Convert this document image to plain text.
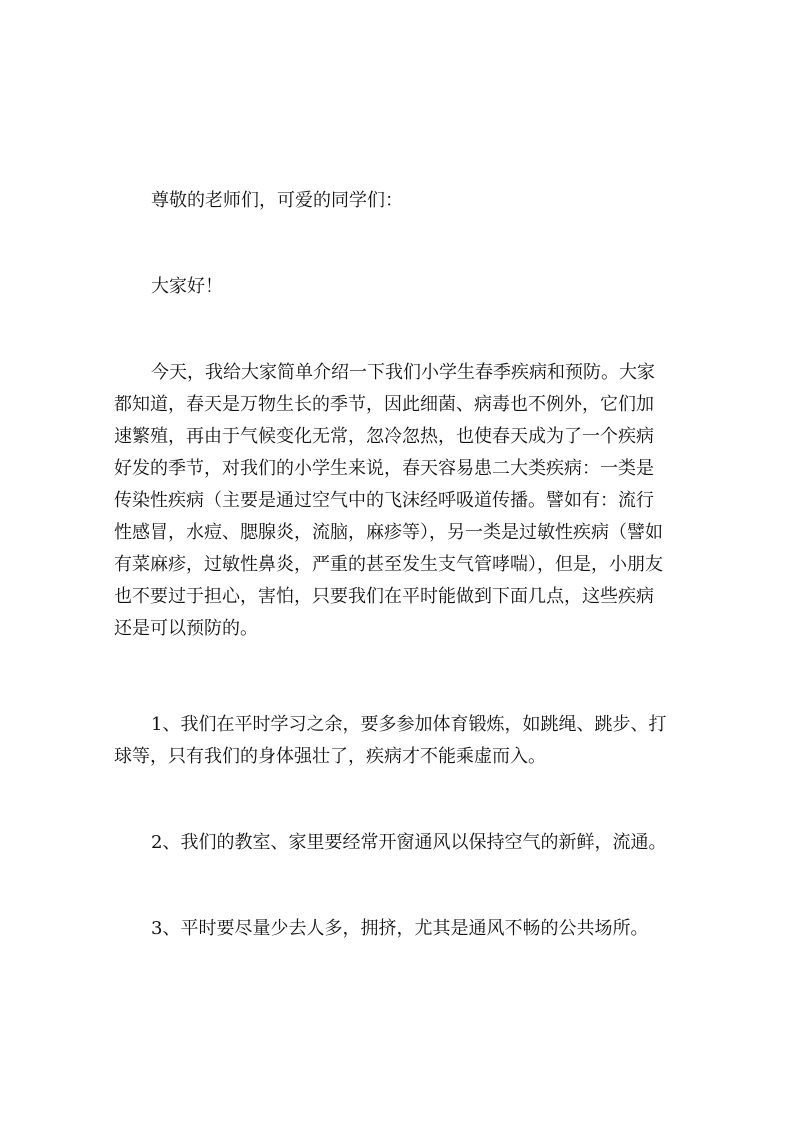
尊敬的老师们，可爱的同学们：

大家好！

今天，我给大家简单介绍一下我们小学生春季疾病和预防。大家
都知道，春天是万物生长的季节，因此细菌、病毒也不例外，它们加
速繁殖，再由于气候变化无常，忽冷忽热，也使春天成为了一个疾病
好发的季节，对我们的小学生来说，春天容易患二大类疾病：一类是
传染性疾病（主要是通过空气中的飞沫经呼吸道传播。譬如有：流行
性感冒，水痘、腮腺炎，流脑，麻疹等），另一类是过敏性疾病（譬如
有菜麻疹，过敏性鼻炎，严重的甚至发生支气管哮喘），但是，小朋友
也不要过于担心，害怕，只要我们在平时能做到下面几点，这些疾病
还是可以预防的。
1、我们在平时学习之余，要多参加体育锻炼，如跳绳、跳步、打
球等，只有我们的身体强壮了，疾病才不能乘虚而入。
2、我们的教室、家里要经常开窗通风以保持空气的新鲜，流通。
3、平时要尽量少去人多，拥挤，尤其是通风不畅的公共场所。
